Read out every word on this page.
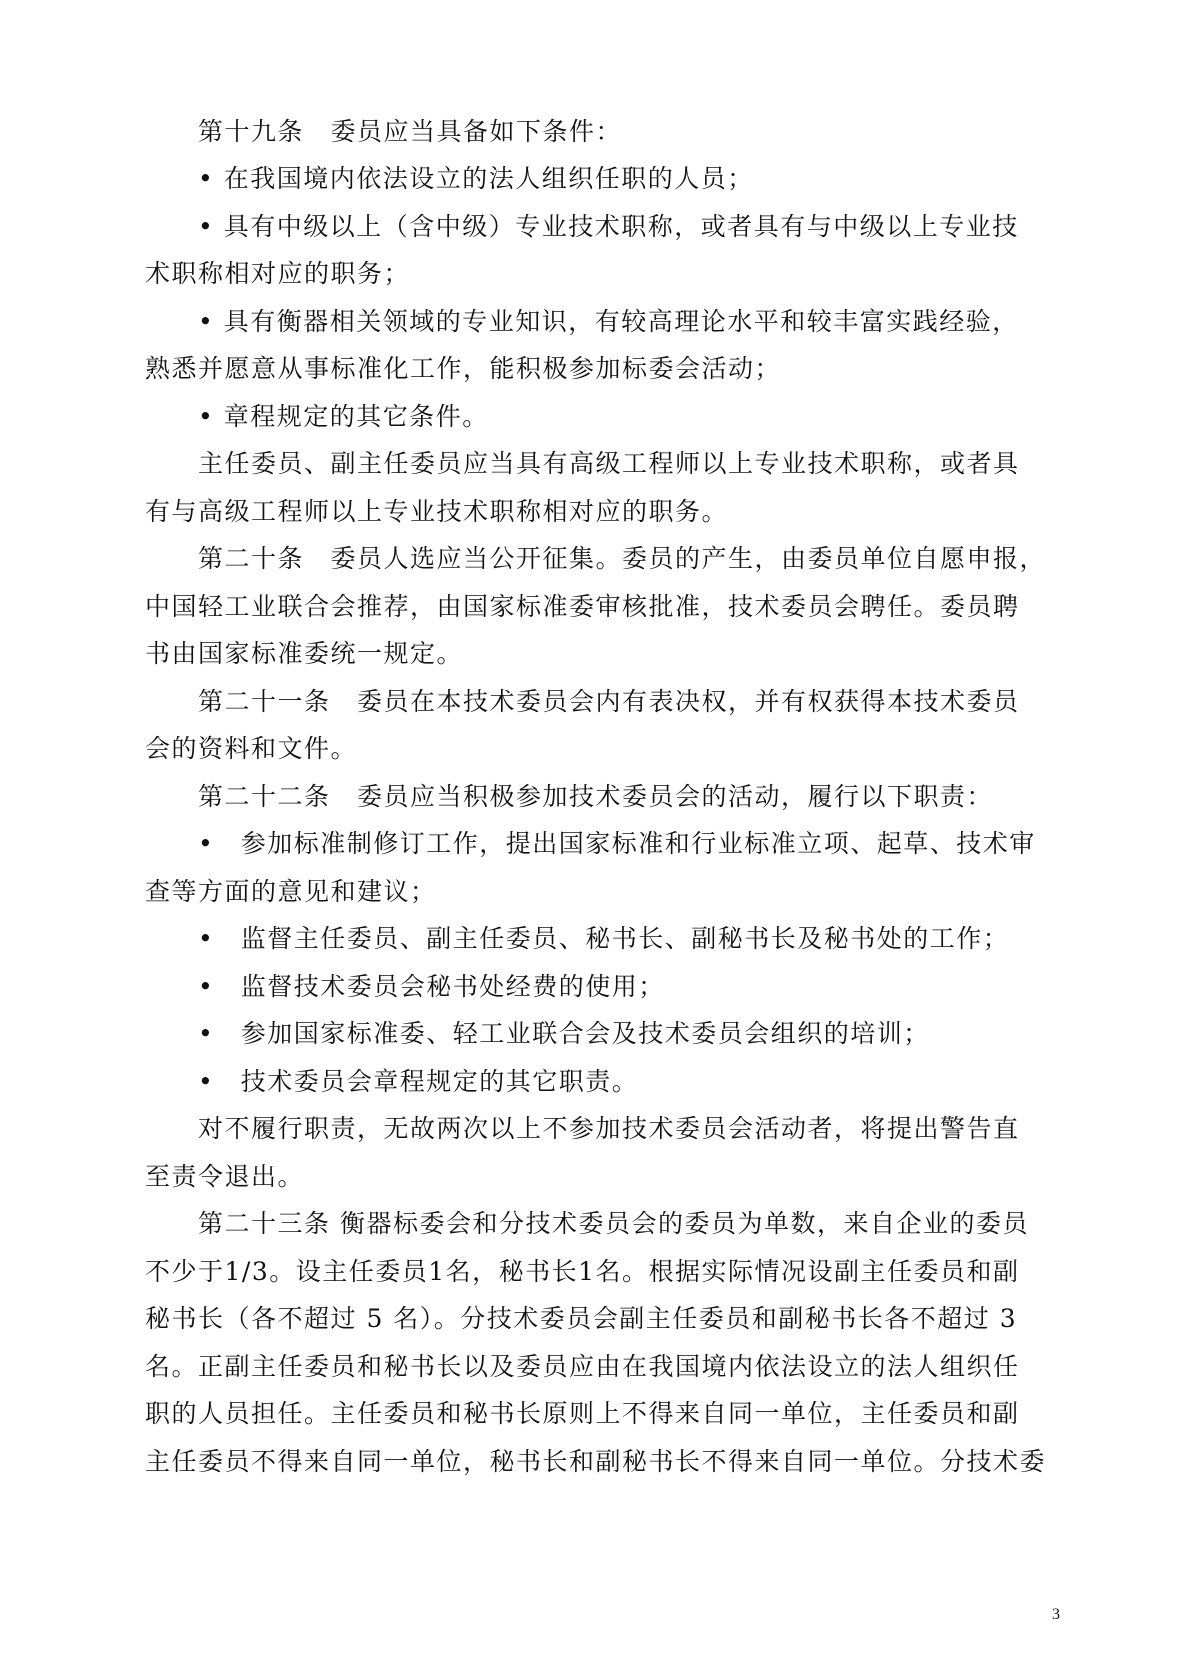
　　第十九条　委员应当具备如下条件：
　　• 在我国境内依法设立的法人组织任职的人员；
　　• 具有中级以上（含中级）专业技术职称，或者具有与中级以上专业技
术职称相对应的职务；
　　• 具有衡器相关领域的专业知识，有较高理论水平和较丰富实践经验，
熟悉并愿意从事标准化工作，能积极参加标委会活动；
　　• 章程规定的其它条件。
　　主任委员、副主任委员应当具有高级工程师以上专业技术职称，或者具
有与高级工程师以上专业技术职称相对应的职务。
　　第二十条　委员人选应当公开征集。委员的产生，由委员单位自愿申报，
中国轻工业联合会推荐，由国家标准委审核批准，技术委员会聘任。委员聘
书由国家标准委统一规定。
　　第二十一条　委员在本技术委员会内有表决权，并有权获得本技术委员
会的资料和文件。
　　第二十二条　委员应当积极参加技术委员会的活动，履行以下职责：
　　•　参加标准制修订工作，提出国家标准和行业标准立项、起草、技术审
查等方面的意见和建议；
　　•　监督主任委员、副主任委员、秘书长、副秘书长及秘书处的工作；
　　•　监督技术委员会秘书处经费的使用；
　　•　参加国家标准委、轻工业联合会及技术委员会组织的培训；
　　•　技术委员会章程规定的其它职责。
　　对不履行职责，无故两次以上不参加技术委员会活动者，将提出警告直
至责令退出。
　　第二十三条 衡器标委会和分技术委员会的委员为单数，来自企业的委员
不少于1/3。设主任委员1名，秘书长1名。根据实际情况设副主任委员和副
秘书长（各不超过 5 名）。分技术委员会副主任委员和副秘书长各不超过 3
名。正副主任委员和秘书长以及委员应由在我国境内依法设立的法人组织任
职的人员担任。主任委员和秘书长原则上不得来自同一单位，主任委员和副
主任委员不得来自同一单位，秘书长和副秘书长不得来自同一单位。分技术委
3
